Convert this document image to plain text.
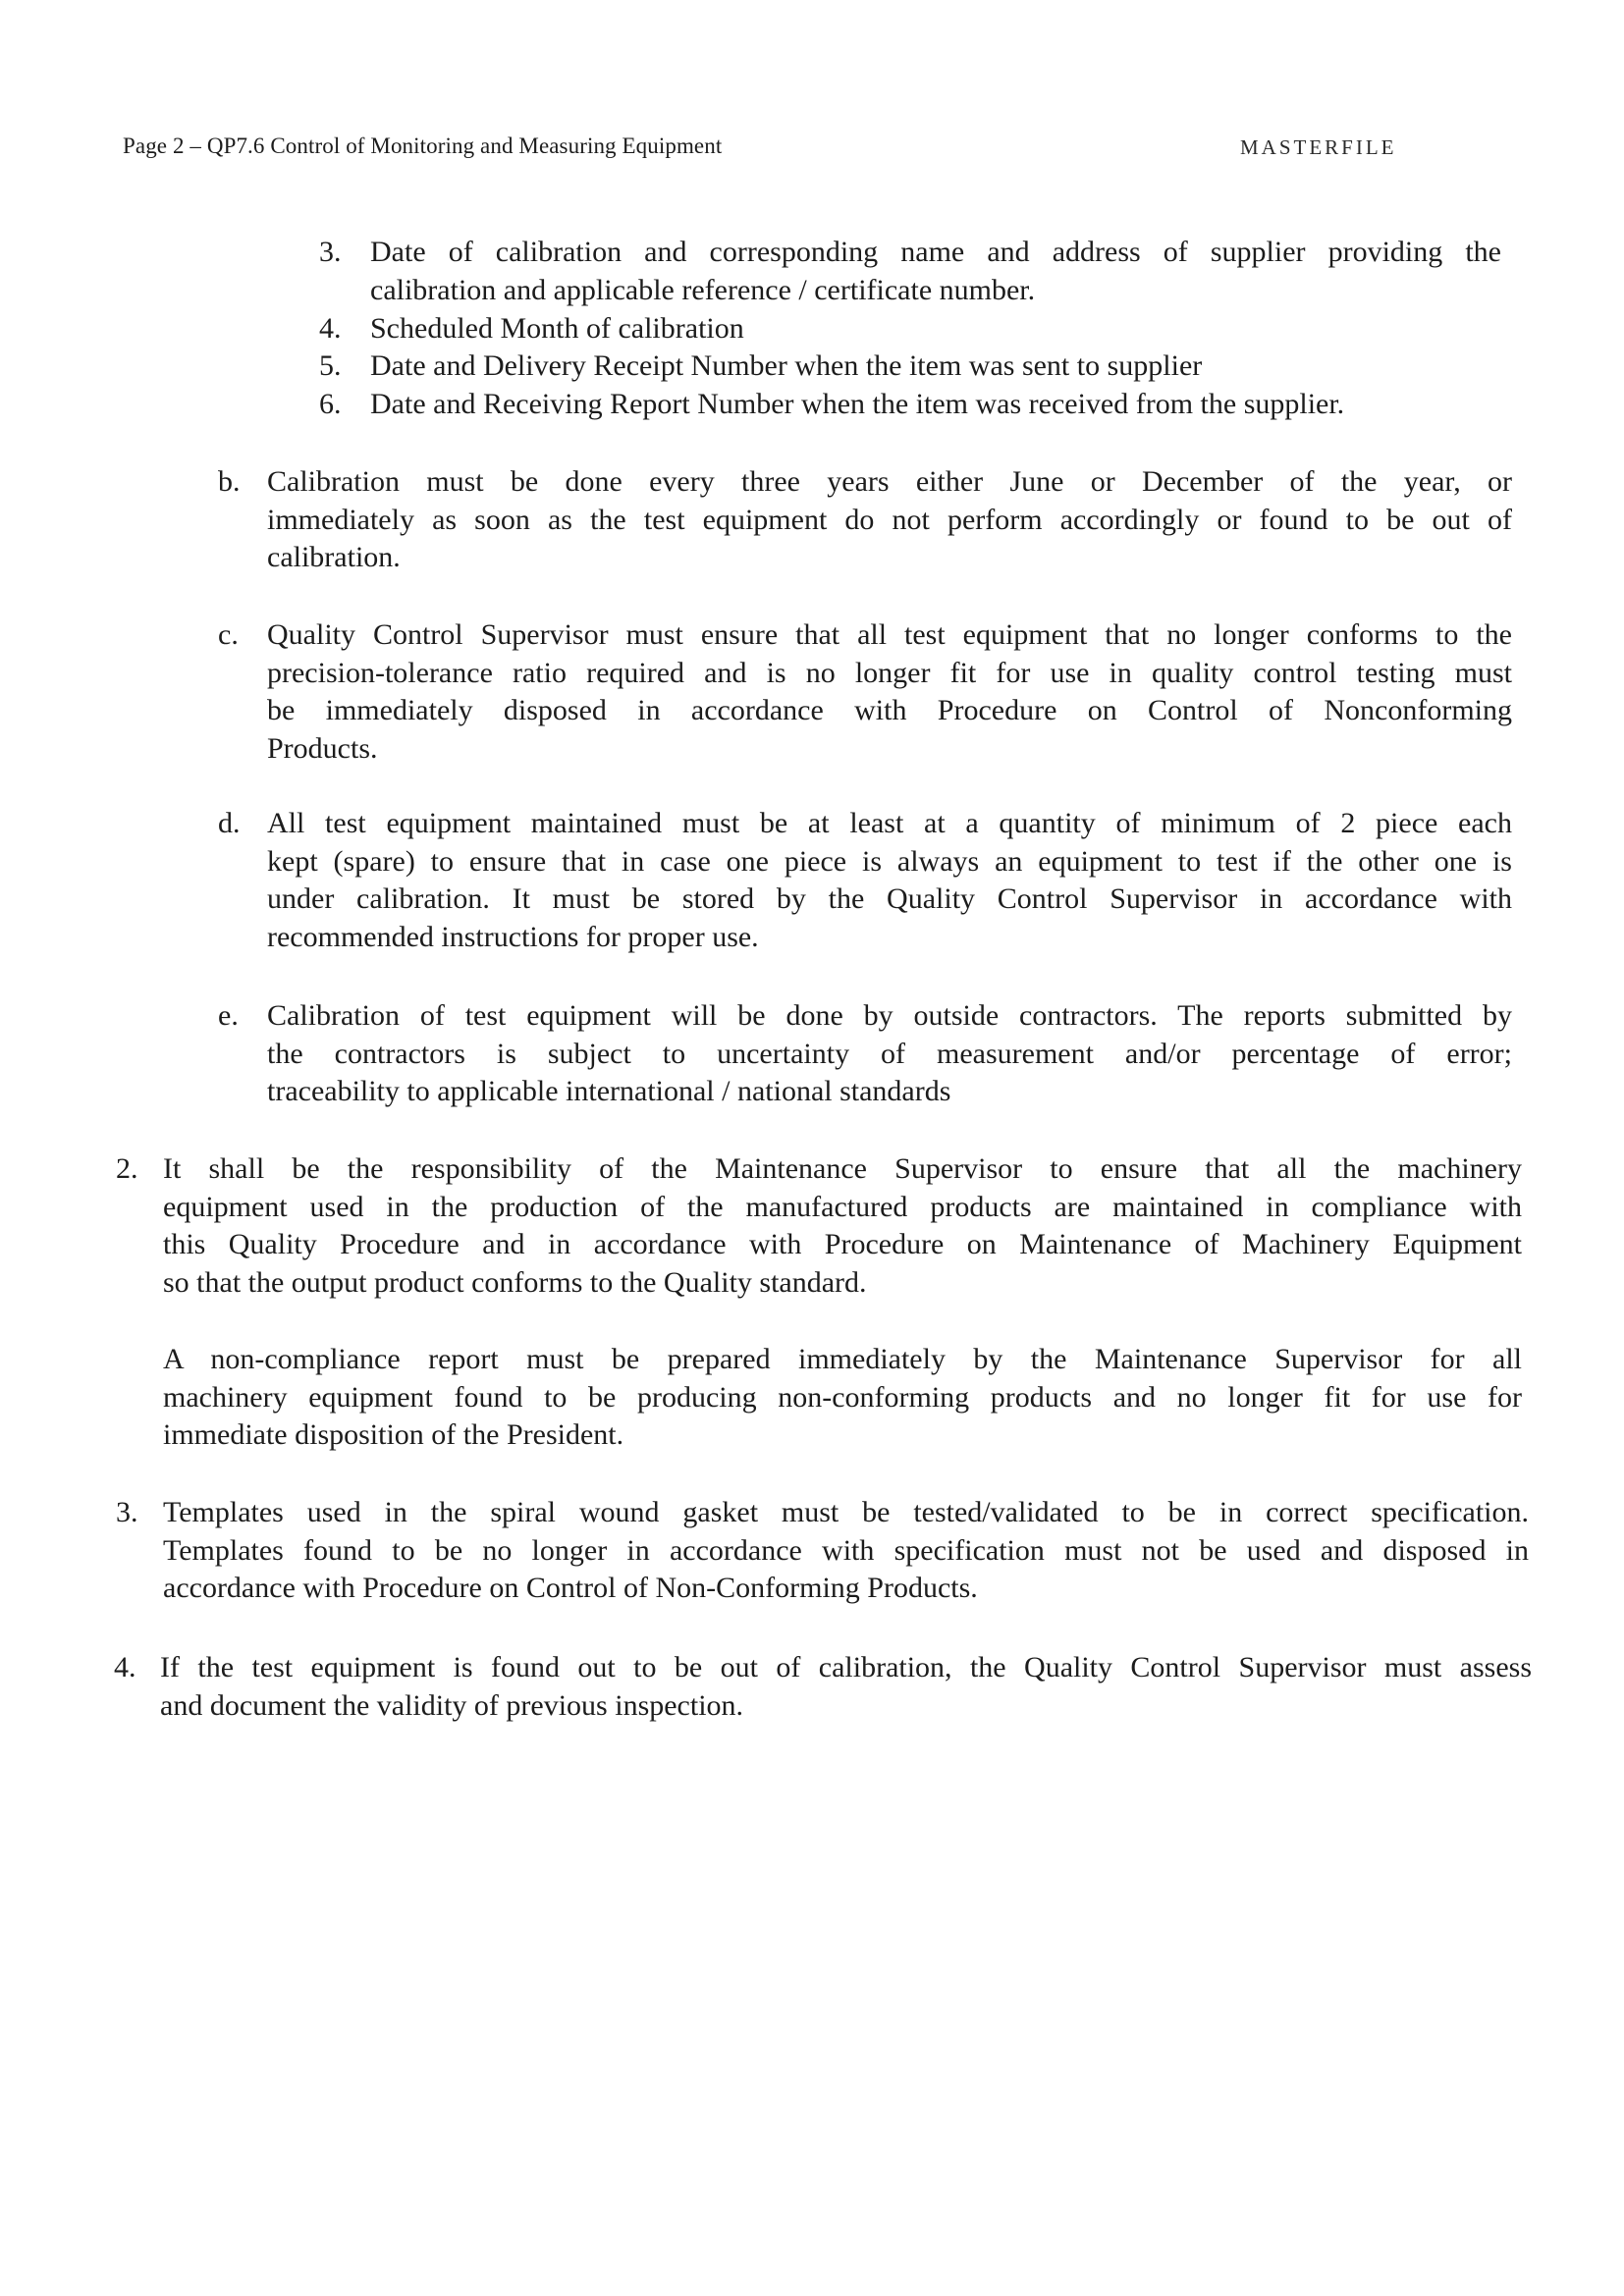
Page 2 – QP7.6 Control of Monitoring and Measuring Equipment	MASTERFILE
3. Date of calibration and corresponding name and address of supplier providing the
calibration and applicable reference / certificate number.
4. Scheduled Month of calibration
5. Date and Delivery Receipt Number when the item was sent to supplier
6. Date and Receiving Report Number when the item was received from the supplier.
b. Calibration must be done every three years either June or December of the year, or
immediately as soon as the test equipment do not perform accordingly or found to be out of
calibration.
c. Quality Control Supervisor must ensure that all test equipment that no longer conforms to the
precision-tolerance ratio required and is no longer fit for use in quality control testing must
be immediately disposed in accordance with Procedure on Control of Nonconforming
Products.
d. All test equipment maintained must be at least at a quantity of minimum of 2 piece each
kept (spare) to ensure that in case one piece is always an equipment to test if the other one is
under calibration. It must be stored by the Quality Control Supervisor in accordance with
recommended instructions for proper use.
e. Calibration of test equipment will be done by outside contractors. The reports submitted by
the contractors is subject to uncertainty of measurement and/or percentage of error;
traceability to applicable international / national standards
2. It shall be the responsibility of the Maintenance Supervisor to ensure that all the machinery
equipment used in the production of the manufactured products are maintained in compliance with
this Quality Procedure and in accordance with Procedure on Maintenance of Machinery Equipment
so that the output product conforms to the Quality standard.
A non-compliance report must be prepared immediately by the Maintenance Supervisor for all
machinery equipment found to be producing non-conforming products and no longer fit for use for
immediate disposition of the President.
3. Templates used in the spiral wound gasket must be tested/validated to be in correct specification.
Templates found to be no longer in accordance with specification must not be used and disposed in
accordance with Procedure on Control of Non-Conforming Products.
4. If the test equipment is found out to be out of calibration, the Quality Control Supervisor must assess
and document the validity of previous inspection.
